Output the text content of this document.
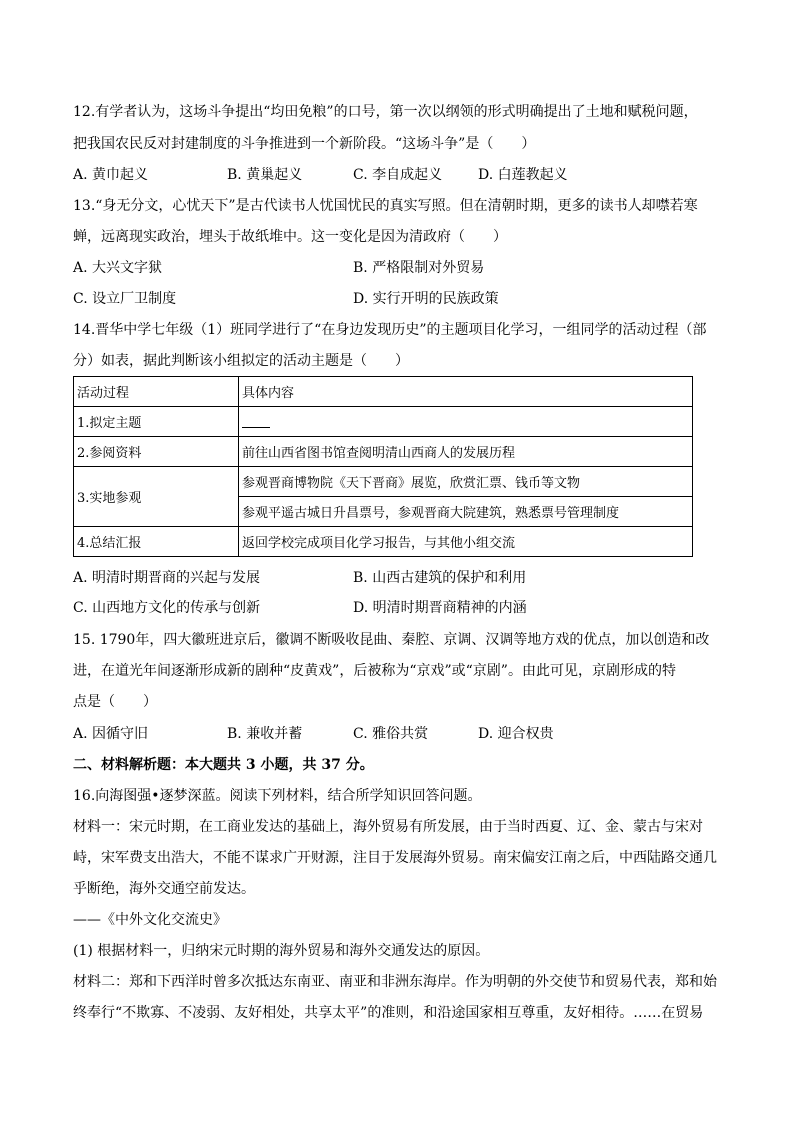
12.有学者认为，这场斗争提出“均田免粮”的口号，第一次以纲领的形式明确提出了土地和赋税问题，
把我国农民反对封建制度的斗争推进到一个新阶段。“这场斗争”是（　　）
A. 黄巾起义	B. 黄巢起义	C. 李自成起义	D. 白莲教起义
13.“身无分文，心忧天下”是古代读书人忧国忧民的真实写照。但在清朝时期，更多的读书人却噤若寒
蝉，远离现实政治，埋头于故纸堆中。这一变化是因为清政府（　　）
A. 大兴文字狱	B. 严格限制对外贸易
C. 设立厂卫制度	D. 实行开明的民族政策
14.晋华中学七年级（1）班同学进行了“在身边发现历史”的主题项目化学习，一组同学的活动过程（部
分）如表，据此判断该小组拟定的活动主题是（　　）
活动过程	具体内容
1.拟定主题	
2.参阅资料	前往山西省图书馆查阅明清山西商人的发展历程
3.实地参观	参观晋商博物院《天下晋商》展览，欣赏汇票、钱币等文物
	参观平遥古城日升昌票号，参观晋商大院建筑，熟悉票号管理制度
4.总结汇报	返回学校完成项目化学习报告，与其他小组交流
A. 明清时期晋商的兴起与发展	B. 山西古建筑的保护和利用
C. 山西地方文化的传承与创新	D. 明清时期晋商精神的内涵
15. 1790年，四大徽班进京后，徽调不断吸收昆曲、秦腔、京调、汉调等地方戏的优点，加以创造和改
进，在道光年间逐渐形成新的剧种“皮黄戏”，后被称为“京戏”或“京剧”。由此可见，京剧形成的特
点是（　　）
A. 因循守旧	B. 兼收并蓄	C. 雅俗共赏	D. 迎合权贵
二、材料解析题：本大题共 3 小题，共 37 分。
16.向海图强•逐梦深蓝。阅读下列材料，结合所学知识回答问题。
材料一：宋元时期，在工商业发达的基础上，海外贸易有所发展，由于当时西夏、辽、金、蒙古与宋对
峙，宋军费支出浩大，不能不谋求广开财源，注目于发展海外贸易。南宋偏安江南之后，中西陆路交通几
乎断绝，海外交通空前发达。
——《中外文化交流史》
(1) 根据材料一，归纳宋元时期的海外贸易和海外交通发达的原因。
材料二：郑和下西洋时曾多次抵达东南亚、南亚和非洲东海岸。作为明朝的外交使节和贸易代表，郑和始
终奉行“不欺寡、不凌弱、友好相处，共享太平”的准则，和沿途国家相互尊重，友好相待。……在贸易
